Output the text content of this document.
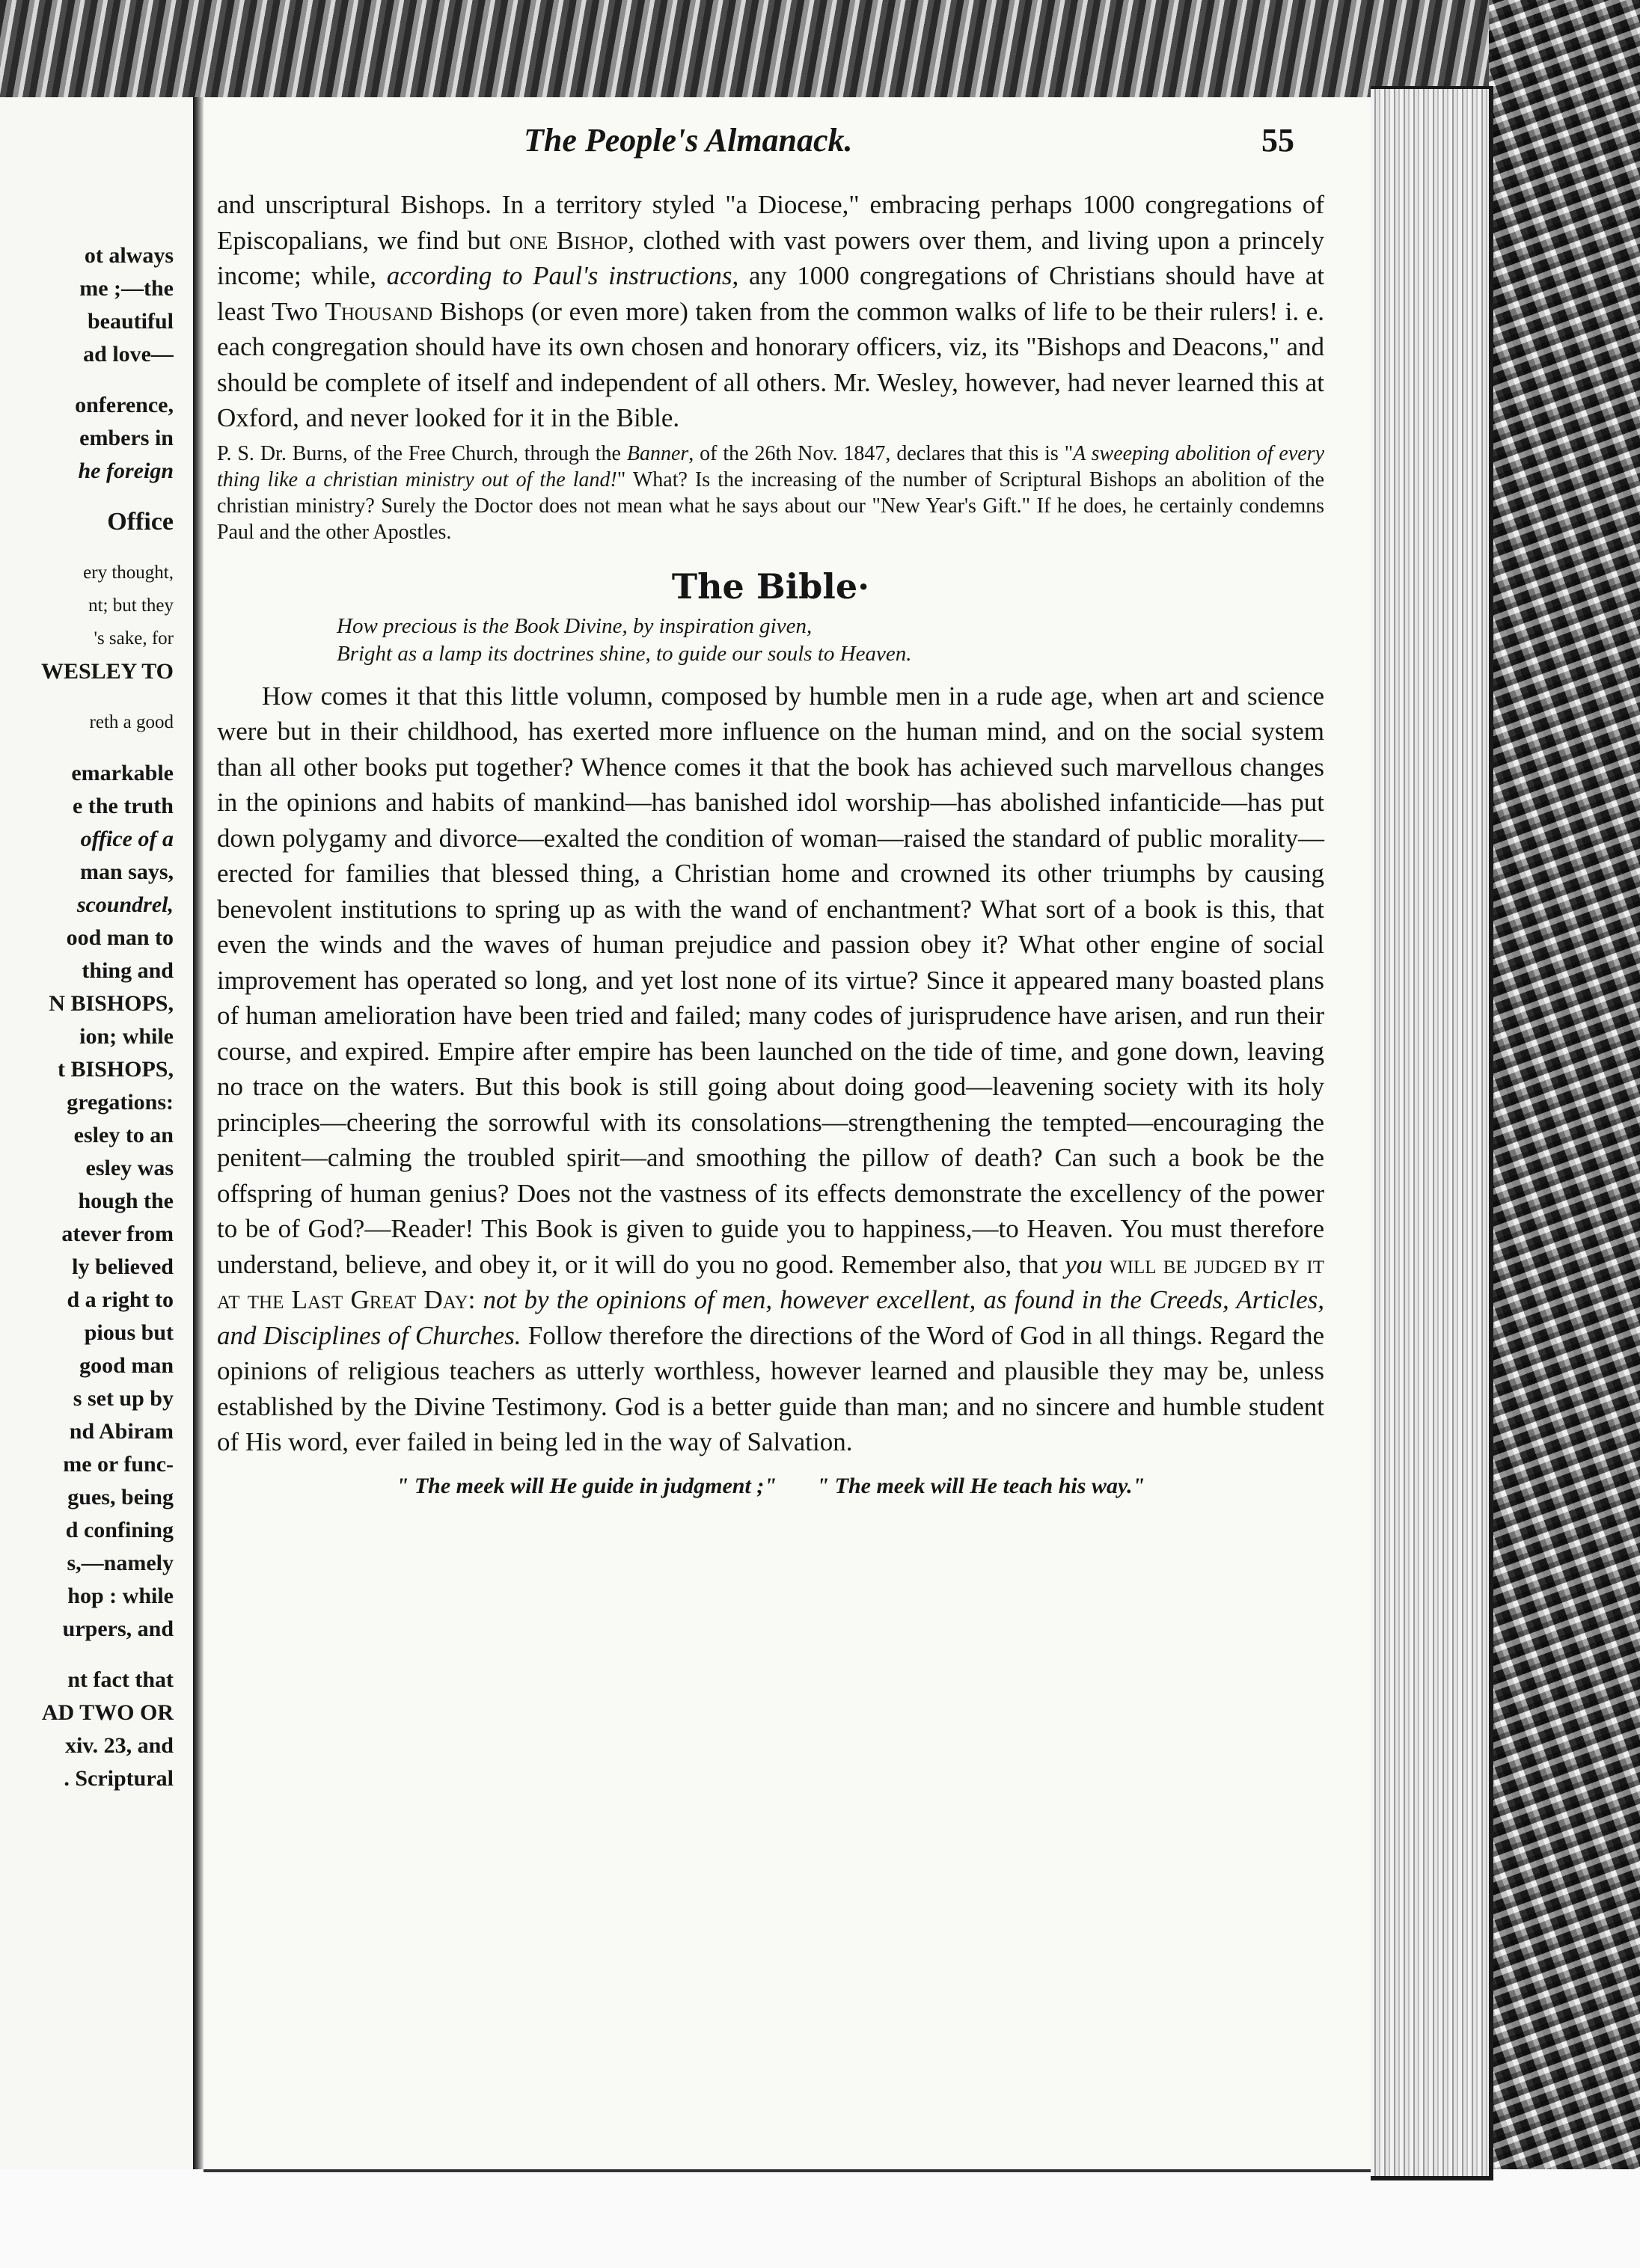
ot always
me ;—the
beautiful
ad love—
onference,
embers in
he foreign
Office
ery thought,
nt; but they
's sake, for
WESLEY TO
reth a good
emarkable
e the truth
office of a
man says,
scoundrel,
ood man to
thing and
N BISHOPS,
ion; while
t BISHOPS,
gregations:
esley to an
esley was
hough the
atever from
ly believed
d a right to
pious but
good man
s set up by
nd Abiram
me or func-
gues, being
d confining
s,—namely
hop : while
urpers, and
nt fact that
AD TWO OR
xiv. 23, and
. Scriptural
The People's Almanack.	55

and unscriptural Bishops. In a territory styled "a Diocese," embracing perhaps 1000 congregations of Episcopalians, we find but one Bishop, clothed with vast powers over them, and living upon a princely income; while, according to Paul's instructions, any 1000 congregations of Christians should have at least Two Thousand Bishops (or even more) taken from the common walks of life to be their rulers! i. e. each congregation should have its own chosen and honorary officers, viz, its "Bishops and Deacons," and should be complete of itself and independent of all others. Mr. Wesley, however, had never learned this at Oxford, and never looked for it in the Bible.

P. S. Dr. Burns, of the Free Church, through the Banner, of the 26th Nov. 1847, declares that this is "A sweeping abolition of every thing like a christian ministry out of the land!" What? Is the increasing of the number of Scriptural Bishops an abolition of the christian ministry? Surely the Doctor does not mean what he says about our "New Year's Gift." If he does, he certainly condemns Paul and the other Apostles.

The Bible·
How precious is the Book Divine, by inspiration given,
Bright as a lamp its doctrines shine, to guide our souls to Heaven.

How comes it that this little volumn, composed by humble men in a rude age, when art and science were but in their childhood, has exerted more influence on the human mind, and on the social system than all other books put together? Whence comes it that the book has achieved such marvellous changes in the opinions and habits of mankind—has banished idol worship—has abolished infanticide—has put down polygamy and divorce—exalted the condition of woman—raised the standard of public morality—erected for families that blessed thing, a Christian home and crowned its other triumphs by causing benevolent institutions to spring up as with the wand of enchantment? What sort of a book is this, that even the winds and the waves of human prejudice and passion obey it? What other engine of social improvement has operated so long, and yet lost none of its virtue? Since it appeared many boasted plans of human amelioration have been tried and failed; many codes of jurisprudence have arisen, and run their course, and expired. Empire after empire has been launched on the tide of time, and gone down, leaving no trace on the waters. But this book is still going about doing good—leavening society with its holy principles—cheering the sorrowful with its consolations—strengthening the tempted—encouraging the penitent—calming the troubled spirit—and smoothing the pillow of death? Can such a book be the offspring of human genius? Does not the vastness of its effects demonstrate the excellency of the power to be of God?—Reader! This Book is given to guide you to happiness,—to Heaven. You must therefore understand, believe, and obey it, or it will do you no good. Remember also, that you will be judged by it at the Last Great Day: not by the opinions of men, however excellent, as found in the Creeds, Articles, and Disciplines of Churches. Follow therefore the directions of the Word of God in all things. Regard the opinions of religious teachers as utterly worthless, however learned and plausible they may be, unless established by the Divine Testimony. God is a better guide than man; and no sincere and humble student of His word, ever failed in being led in the way of Salvation.

" The meek will He guide in judgment ;" " The meek will He teach his way."
